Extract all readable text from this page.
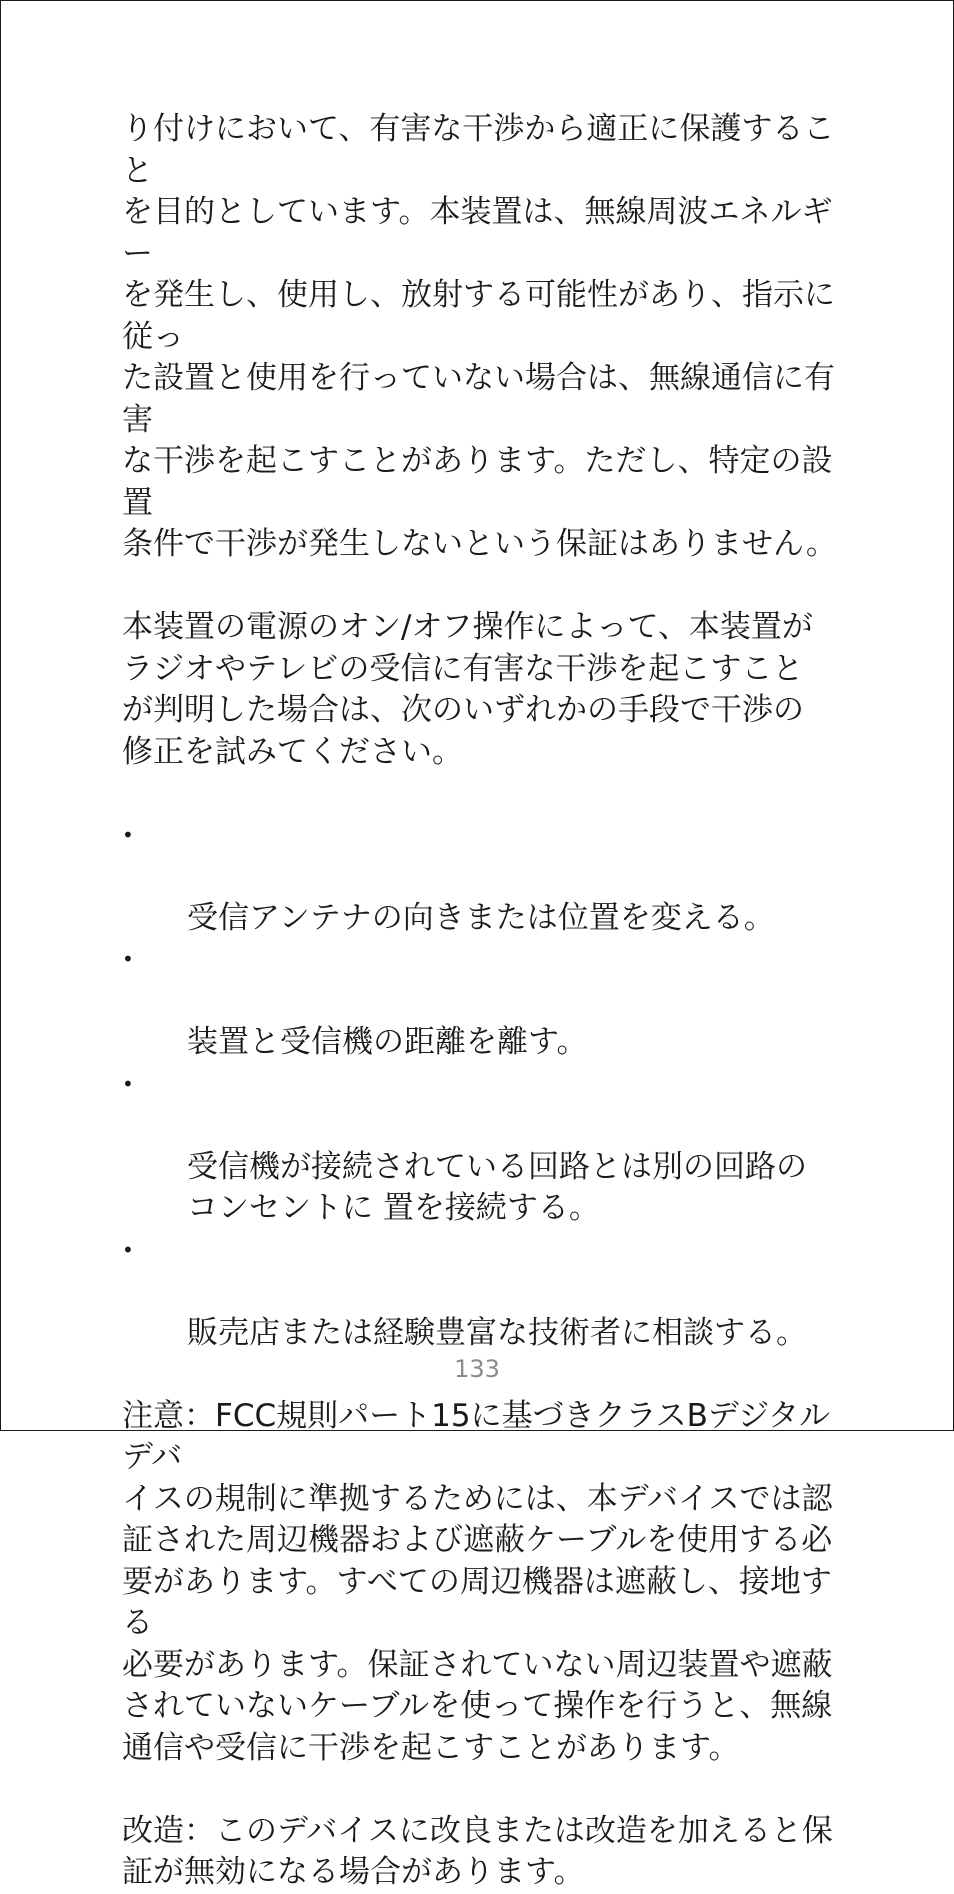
り付けにおいて、有害な干渉から適正に保護すること
を目的としています。本装置は、無線周波エネルギー
を発生し、使用し、放射する可能性があり、指示に従っ
た設置と使用を行っていない場合は、無線通信に有害
な干渉を起こすことがあります。ただし、特定の設置
条件で干渉が発生しないという保証はありません。

本装置の電源のオン/オフ操作によって、本装置が
ラジオやテレビの受信に有害な干渉を起こすこと
が判明した場合は、次のいずれかの手段で干渉の
修正を試みてください。

•

受信アンテナの向きまたは位置を変える。

•

装置と受信機の距離を離す。

•

受信機が接続されている回路とは別の回路の
コンセントに 置を接続する。

•

販売店または経験豊富な技術者に相談する。

注意：FCC規則パート15に基づきクラスBデジタルデバ
イスの規制に準拠するためには、本デバイスでは認
証された周辺機器および遮蔽ケーブルを使用する必
要があります。すべての周辺機器は遮蔽し、接地する
必要があります。保証されていない周辺装置や遮蔽
されていないケーブルを使って操作を行うと、無線
通信や受信に干渉を起こすことがあります。

改造：このデバイスに改良または改造を加えると保
証が無効になる場合があります。

133
